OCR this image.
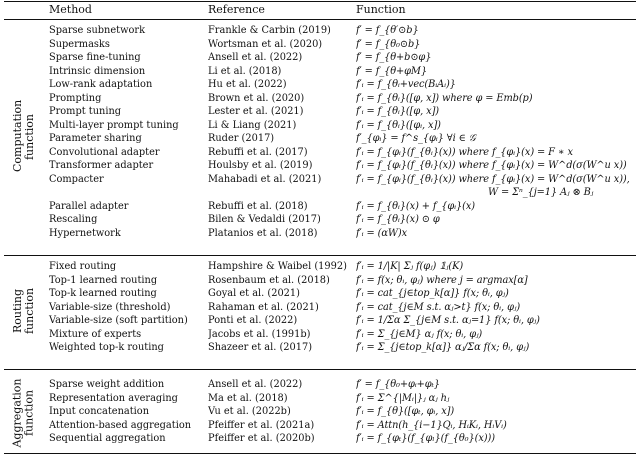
Method	Reference	Function
Computation function
Sparse subnetwork	Frankle & Carbin (2019)	f′ = f_{θ′⊙b}
Supermasks	Wortsman et al. (2020)	f′ = f_{θ₀⊙b}
Sparse fine-tuning	Ansell et al. (2022)	f′ = f_{θ+b⊙φ}
Intrinsic dimension	Li et al. (2018)	f′ = f_{θ+φM}
Low-rank adaptation	Hu et al. (2022)	f′ᵢ = f_{θᵢ+vec(BᵢAᵢ)}
Prompting	Brown et al. (2020)	f′ᵢ = f_{θᵢ}([φ, x]) where φ = Emb(p)
Prompt tuning	Lester et al. (2021)	f′ᵢ = f_{θᵢ}([φ, x])
Multi-layer prompt tuning	Li & Liang (2021)	f′ᵢ = f_{θᵢ}([φᵢ, x])
Parameter sharing	Ruder (2017)	f′_{φᵢ} = f^s_{φᵢ} ∀i ∈ 𝒢
Convolutional adapter	Rebuffi et al. (2017)	f′ᵢ = f_{φᵢ}(f_{θᵢ}(x)) where f_{φᵢ}(x) = F ∗ x
Transformer adapter	Houlsby et al. (2019)	f′ᵢ = f_{φᵢ}(f_{θᵢ}(x)) where f_{φᵢ}(x) = W^d(σ(W^u x))
Compacter	Mahabadi et al. (2021)	f′ᵢ = f_{φᵢ}(f_{θᵢ}(x)) where f_{φᵢ}(x) = W^d(σ(W^u x)),
		W = Σⁿ_{j=1} Aⱼ ⊗ Bⱼ
Parallel adapter	Rebuffi et al. (2018)	f′ᵢ = f_{θᵢ}(x) + f_{φᵢ}(x)
Rescaling	Bilen & Vedaldi (2017)	f′ᵢ = f_{θᵢ}(x) ⊙ φ
Hypernetwork	Platanios et al. (2018)	f′ᵢ = (αW)x
Routing function
Fixed routing	Hampshire & Waibel (1992)	f′ᵢ = 1/|K| Σⱼ f(φⱼ) 𝟙ⱼ(K)
Top-1 learned routing	Rosenbaum et al. (2018)	f′ᵢ = f(x; θᵢ, φⱼ) where j = argmax[α]
Top-k learned routing	Goyal et al. (2021)	f′ᵢ = cat_{j∈top_k[α]} f(x; θᵢ, φⱼ)
Variable-size (threshold)	Rahaman et al. (2021)	f′ᵢ = cat_{j∈M s.t. αⱼ>t} f(x; θᵢ, φⱼ)
Variable-size (soft partition)	Ponti et al. (2022)	f′ᵢ = 1/Σα Σ_{j∈M s.t. αⱼ=1} f(x; θᵢ, φⱼ)
Mixture of experts	Jacobs et al. (1991b)	f′ᵢ = Σ_{j∈M} αⱼ f(x; θᵢ, φⱼ)
Weighted top-k routing	Shazeer et al. (2017)	f′ᵢ = Σ_{j∈top_k[α]} αⱼ/Σα f(x; θᵢ, φⱼ)
Aggregation function
Sparse weight addition	Ansell et al. (2022)	f′ = f_{θ₀+φᵢ+φₜ}
Representation averaging	Ma et al. (2018)	f′ᵢ = Σ^{|Mᵢ|}ⱼ αⱼ hⱼ
Input concatenation	Vu et al. (2022b)	f′ᵢ = f_{θ}([φₜ, φᵢ, x])
Attention-based aggregation	Pfeiffer et al. (2021a)	f′ᵢ = Attn(h_{i−1}Qᵢ, HᵢKᵢ, HᵢVᵢ)
Sequential aggregation	Pfeiffer et al. (2020b)	f′ᵢ = f_{φₜ}(f_{φₗ}(f_{θ₀}(x)))
